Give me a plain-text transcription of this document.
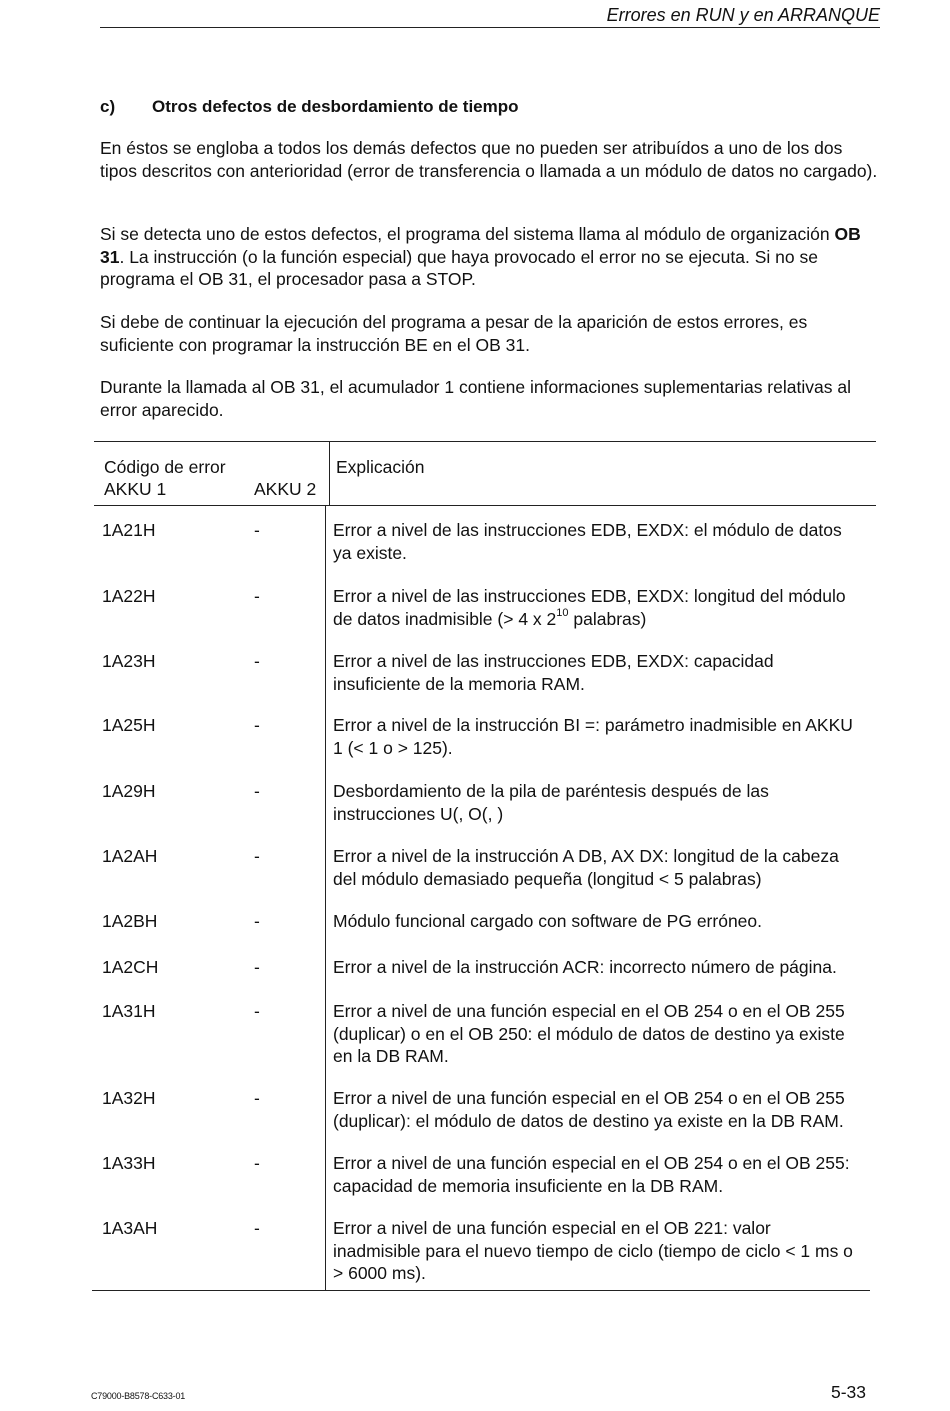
Errores en RUN y en ARRANQUE
c) Otros defectos de desbordamiento de tiempo

En éstos se engloba a todos los demás defectos que no pueden ser atribuídos a uno de los dos tipos descritos con anterioridad (error de transferencia o llamada a un módulo de datos no cargado).

Si se detecta uno de estos defectos, el programa del sistema llama al módulo de organización OB 31. La instrucción (o la función especial) que haya provocado el error no se ejecuta. Si no se programa el OB 31, el procesador pasa a STOP.

Si debe de continuar la ejecución del programa a pesar de la aparición de estos errores, es suficiente con programar la instrucción BE en el OB 31.

Durante la llamada al OB 31, el acumulador 1 contiene informaciones suplementarias relativas al error aparecido.

Código de error
AKKU 1	AKKU 2
Explicación
1A21H	-	Error a nivel de las instrucciones EDB, EXDX: el módulo de datos ya existe.
1A22H	-	Error a nivel de las instrucciones EDB, EXDX: longitud del módulo de datos inadmisible (> 4 x $2^{10}$ palabras)
1A23H	-	Error a nivel de las instrucciones EDB, EXDX: capacidad insuficiente de la memoria RAM.
1A25H	-	Error a nivel de la instrucción BI =: parámetro inadmisible en AKKU 1 (< 1 o > 125).
1A29H	-	Desbordamiento de la pila de paréntesis después de las instrucciones U(, O(, )
1A2AH	-	Error a nivel de la instrucción A DB, AX DX: longitud de la cabeza del módulo demasiado pequeña (longitud < 5 palabras)
1A2BH	-	Módulo funcional cargado con software de PG erróneo.
1A2CH	-	Error a nivel de la instrucción ACR: incorrecto número de página.
1A31H	-	Error a nivel de una función especial en el OB 254 o en el OB 255 (duplicar) o en el OB 250: el módulo de datos de destino ya existe en la DB RAM.
1A32H	-	Error a nivel de una función especial en el OB 254 o en el OB 255 (duplicar): el módulo de datos de destino ya existe en la DB RAM.
1A33H	-	Error a nivel de una función especial en el OB 254 o en el OB 255: capacidad de memoria insuficiente en la DB RAM.
1A3AH	-	Error a nivel de una función especial en el OB 221: valor inadmisible para el nuevo tiempo de ciclo (tiempo de ciclo < 1 ms o > 6000 ms).
C79000-B8578-C633-01	5-33
